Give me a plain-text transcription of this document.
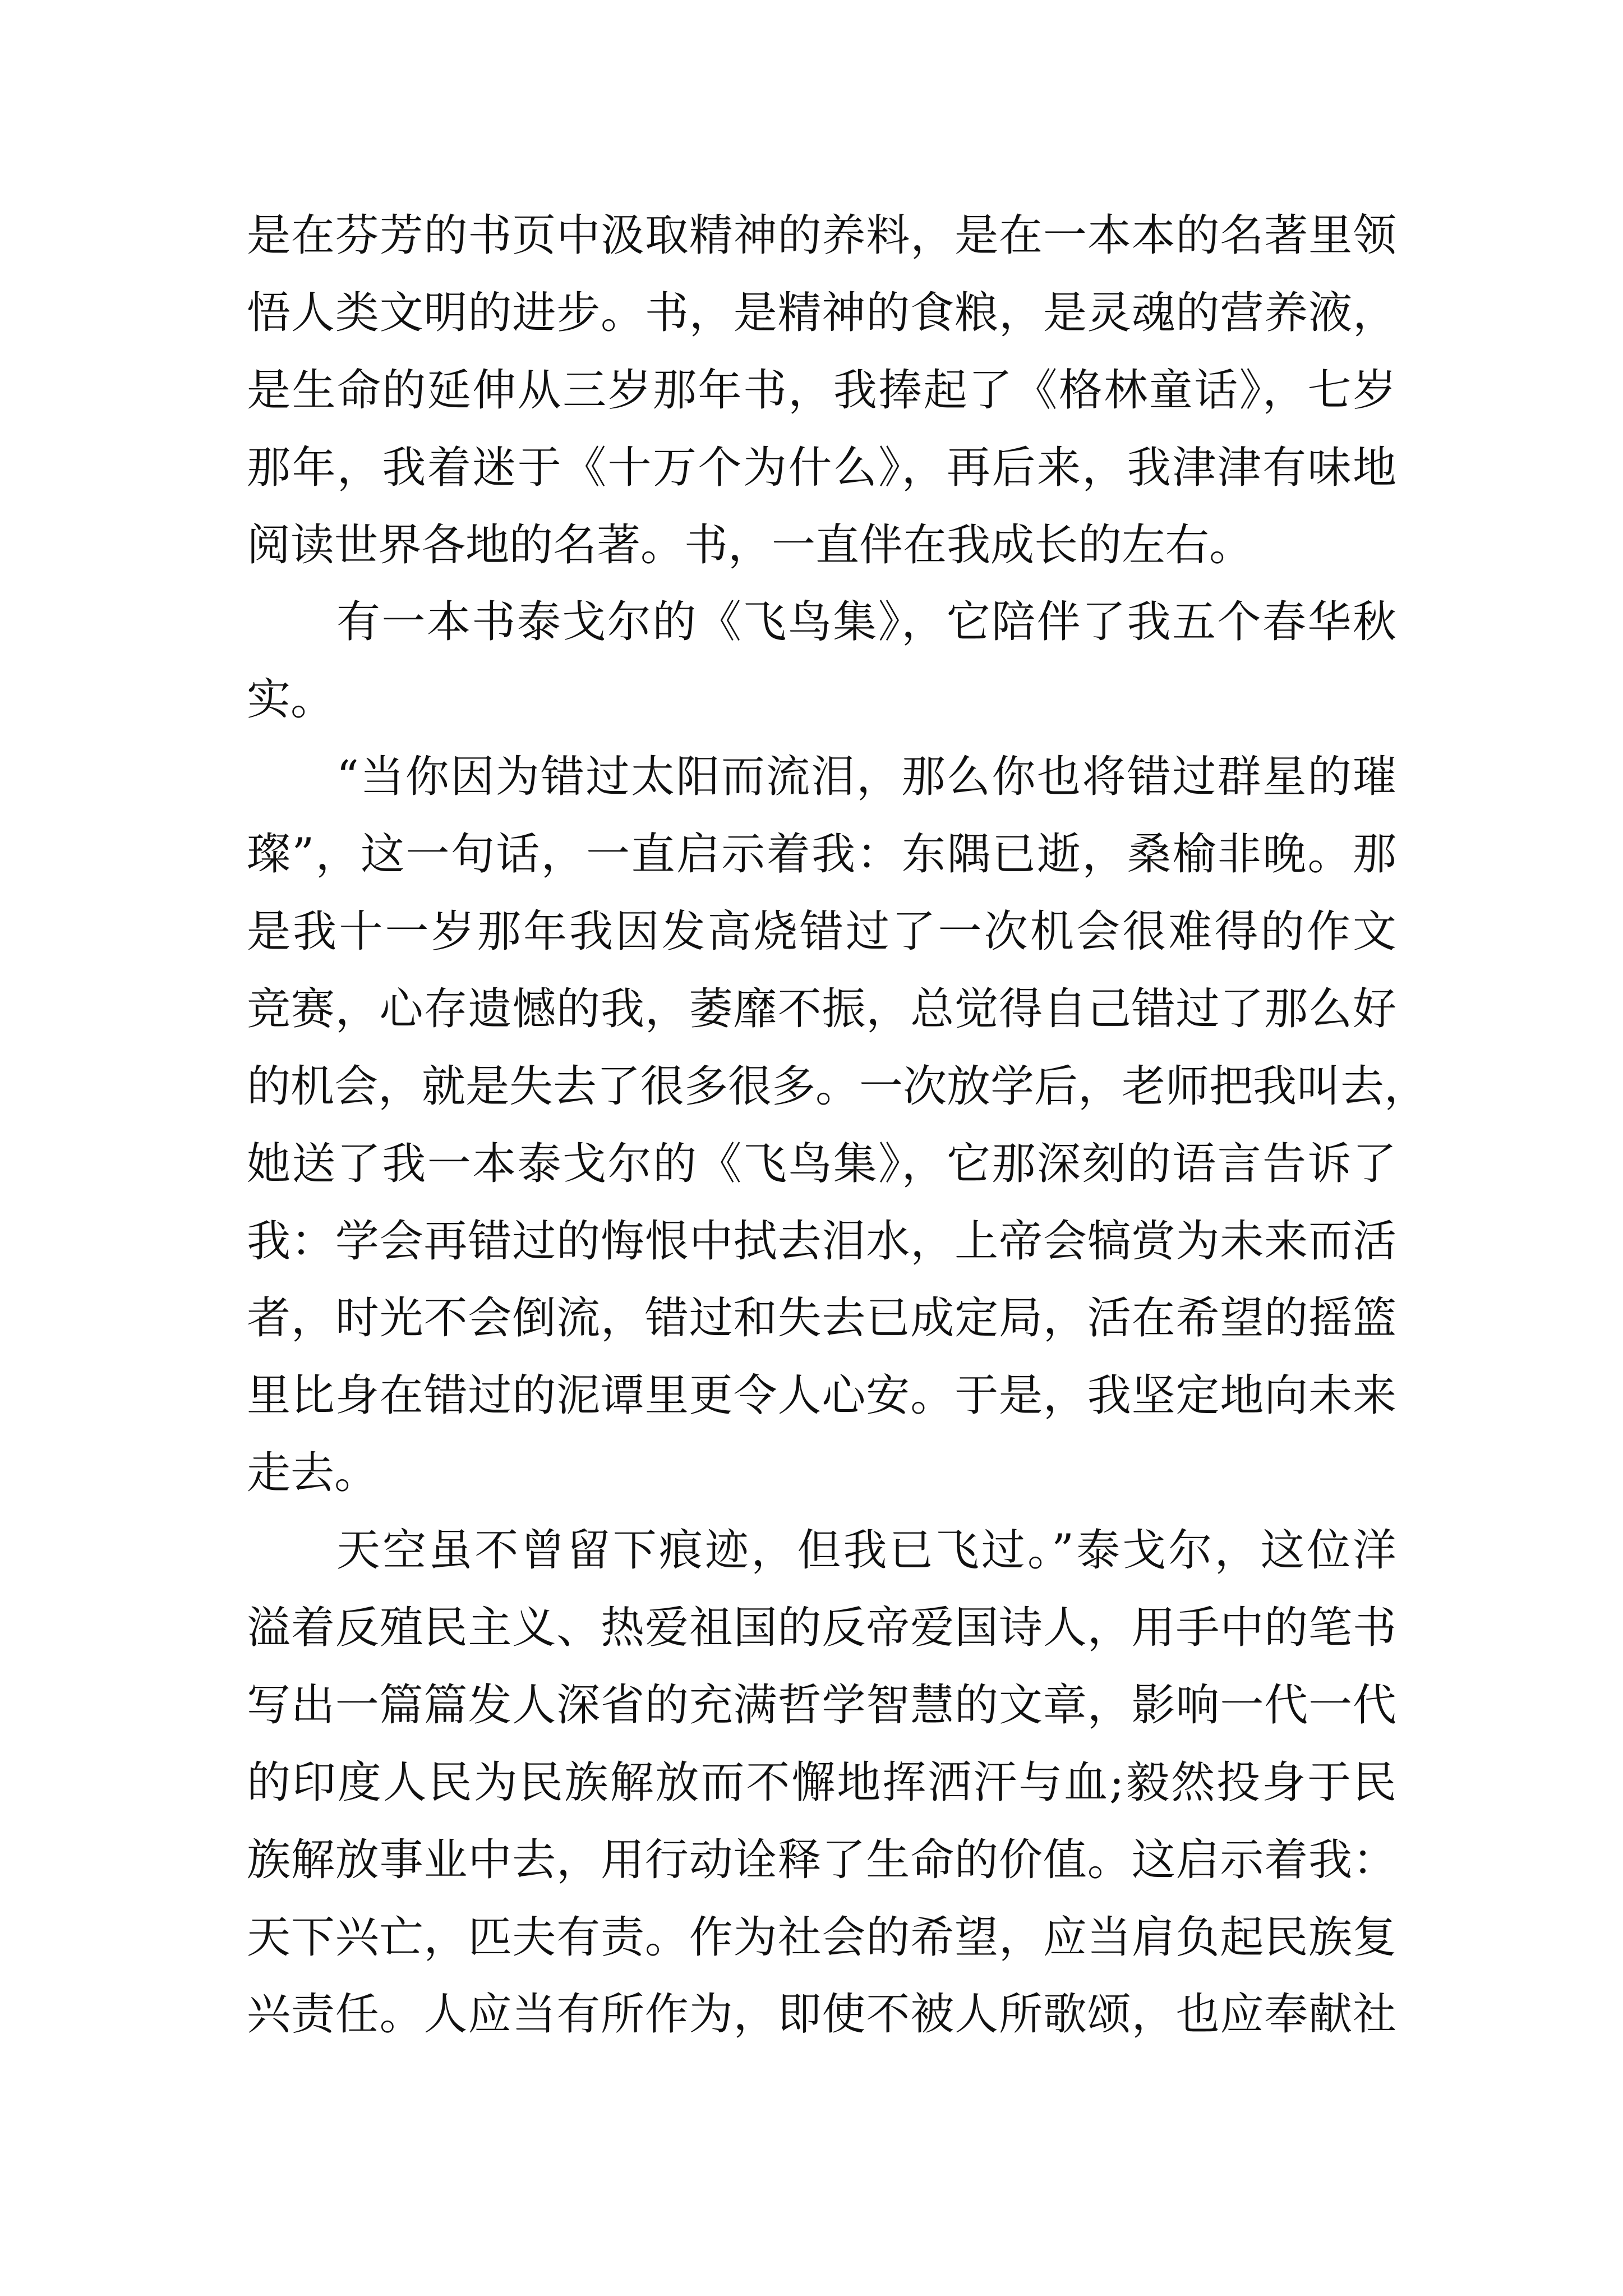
是在芬芳的书页中汲取精神的养料，是在一本本的名著里领
悟人类文明的进步。书，是精神的食粮，是灵魂的营养液，
是生命的延伸从三岁那年书，我捧起了《格林童话》，七岁
那年，我着迷于《十万个为什么》，再后来，我津津有味地
阅读世界各地的名著。书，一直伴在我成长的左右。
有一本书泰戈尔的《飞鸟集》，它陪伴了我五个春华秋
实。
“当你因为错过太阳而流泪，那么你也将错过群星的璀
璨”，这一句话，一直启示着我：东隅已逝，桑榆非晚。那
是我十一岁那年我因发高烧错过了一次机会很难得的作文
竞赛，心存遗憾的我，萎靡不振，总觉得自己错过了那么好
的机会，就是失去了很多很多。一次放学后，老师把我叫去，
她送了我一本泰戈尔的《飞鸟集》，它那深刻的语言告诉了
我：学会再错过的悔恨中拭去泪水，上帝会犒赏为未来而活
者，时光不会倒流，错过和失去已成定局，活在希望的摇篮
里比身在错过的泥谭里更令人心安。于是，我坚定地向未来
走去。
天空虽不曾留下痕迹，但我已飞过。”泰戈尔，这位洋
溢着反殖民主义、热爱祖国的反帝爱国诗人，用手中的笔书
写出一篇篇发人深省的充满哲学智慧的文章，影响一代一代
的印度人民为民族解放而不懈地挥洒汗与血;毅然投身于民
族解放事业中去，用行动诠释了生命的价值。这启示着我：
天下兴亡，匹夫有责。作为社会的希望，应当肩负起民族复
兴责任。人应当有所作为，即使不被人所歌颂，也应奉献社
